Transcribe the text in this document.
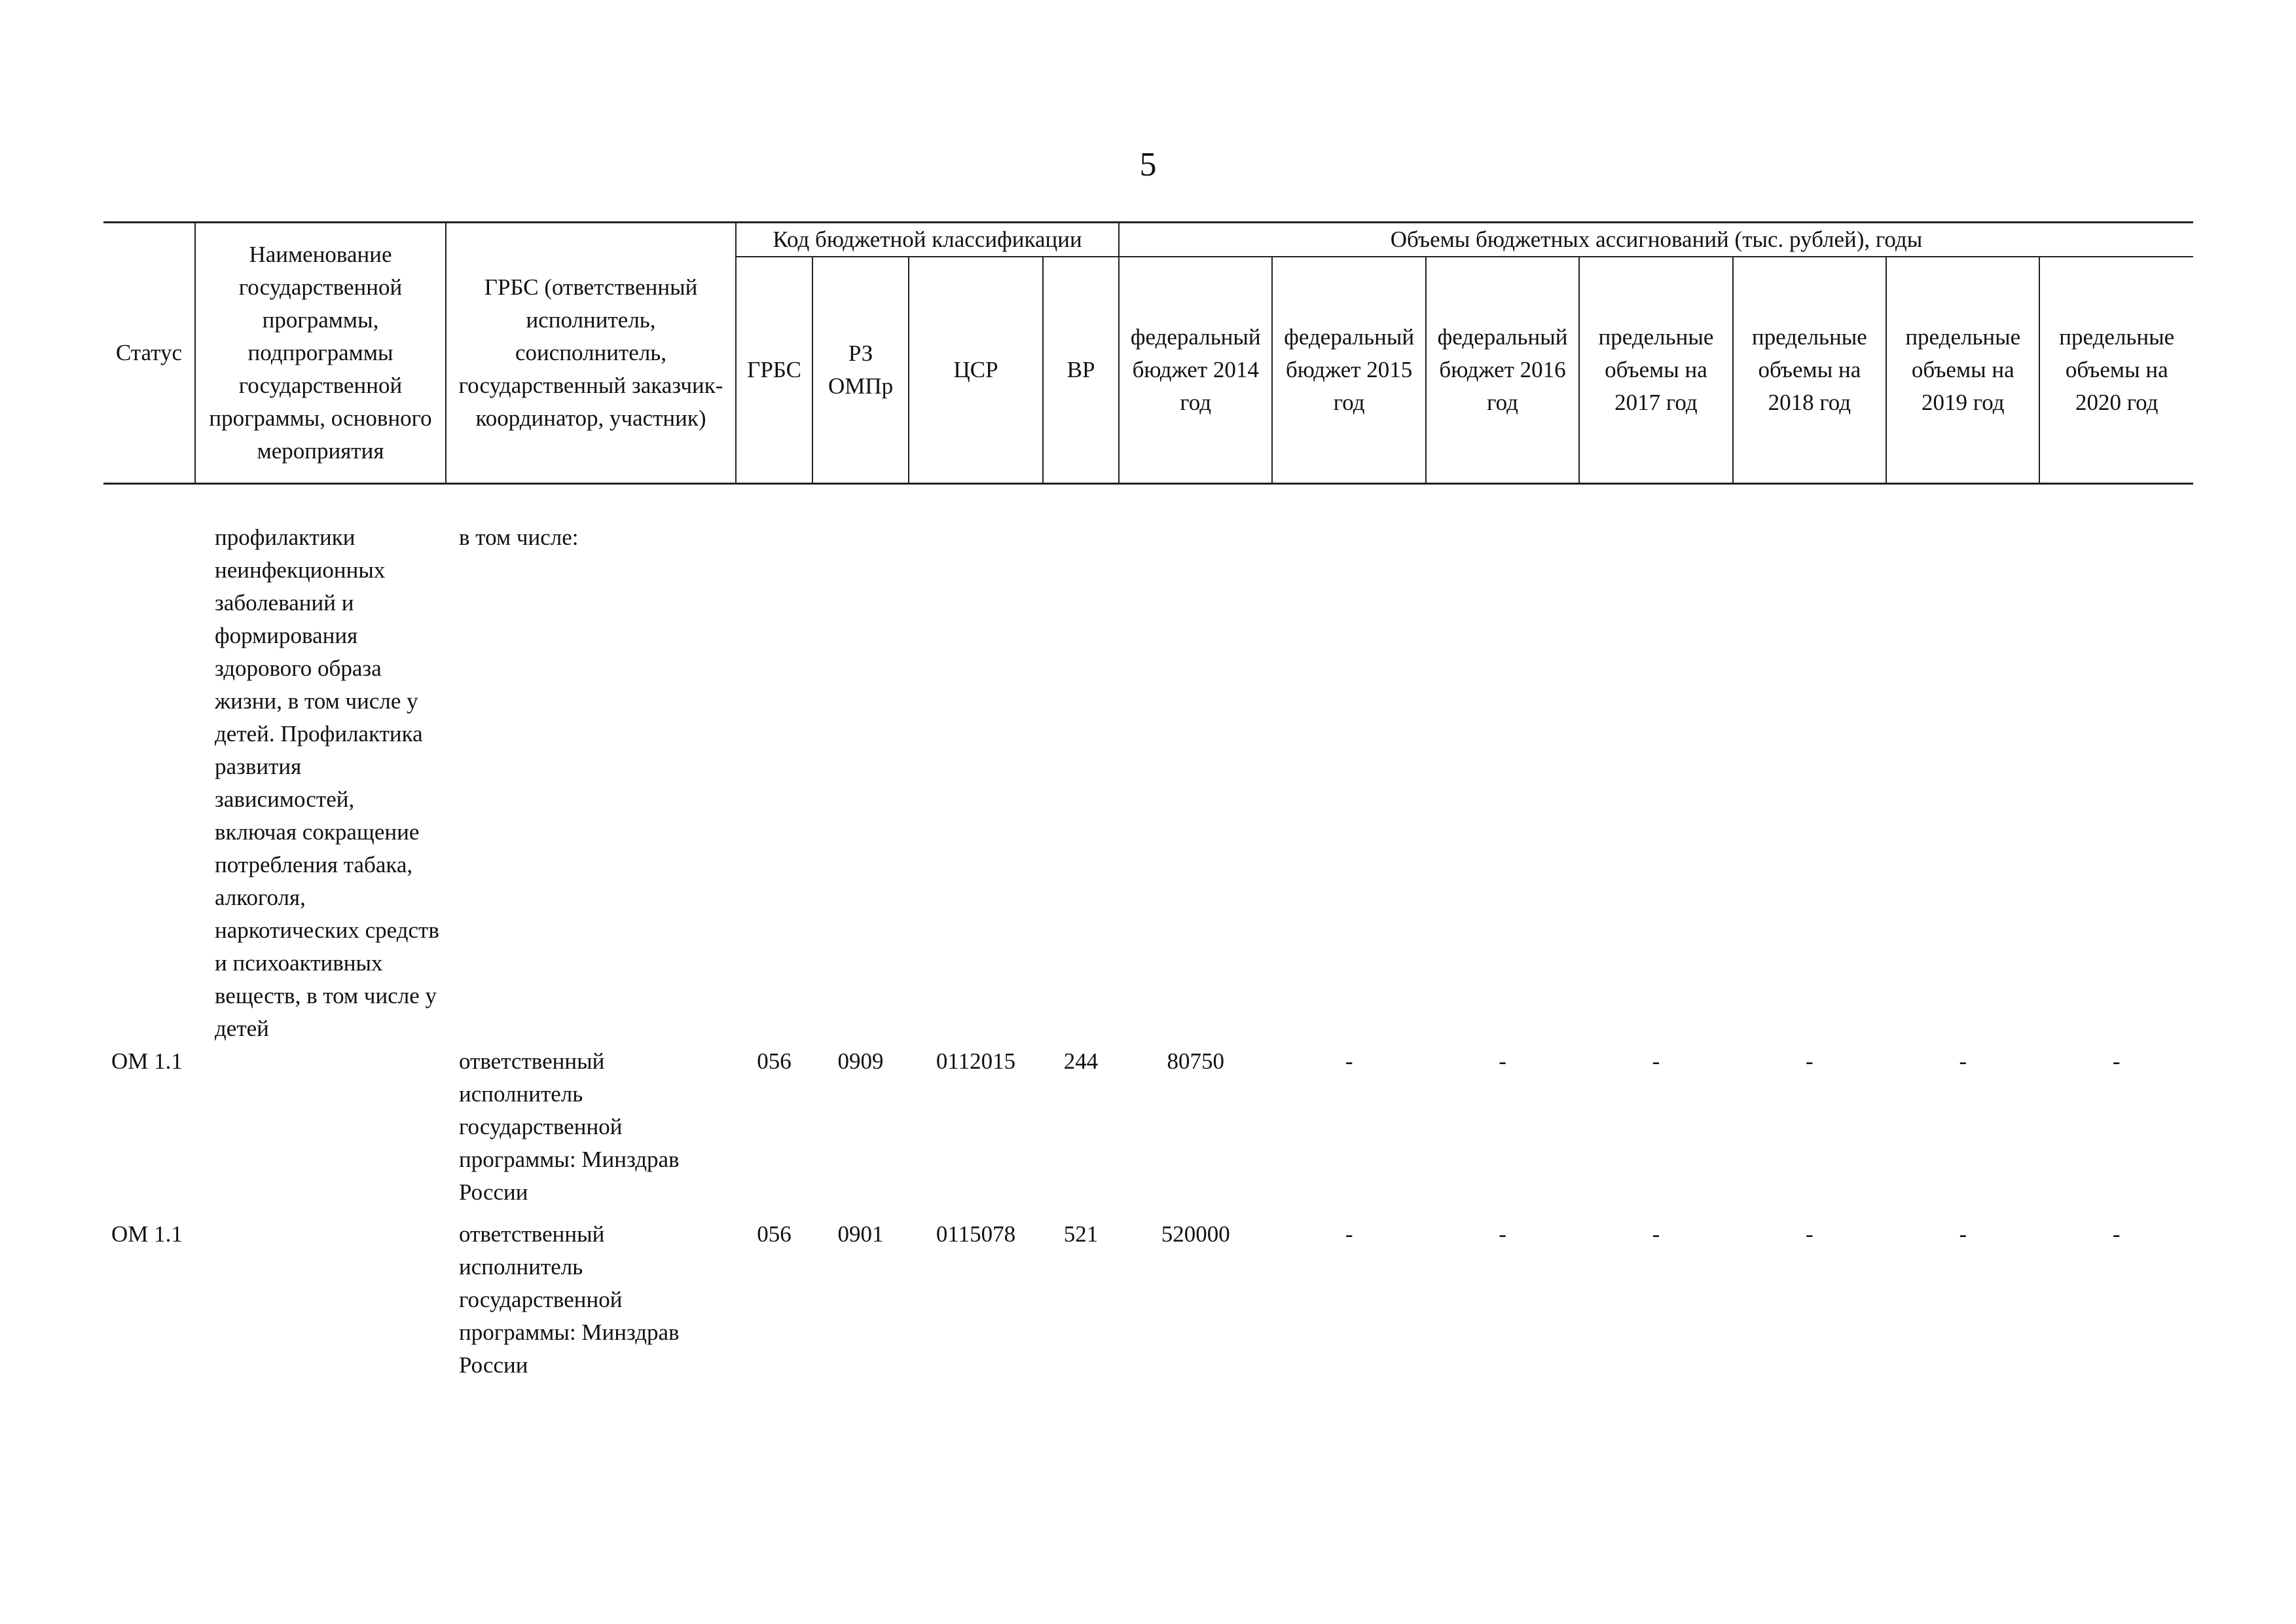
5
Статус	Наименование государственной программы, подпрограммы государственной программы, основного мероприятия	ГРБС (ответственный исполнитель, соисполнитель, государственный заказчик-координатор, участник)	Код бюджетной классификации				Объемы бюджетных ассигнований (тыс. рублей), годы						
			ГРБС	РЗ ОМПр	ЦСР	ВР	федеральный бюджет 2014 год	федеральный бюджет 2015 год	федеральный бюджет 2016 год	предельные объемы на 2017 год	предельные объемы на 2018 год	предельные объемы на 2019 год	предельные объемы на 2020 год

	профилактики неинфекционных заболеваний и формирования здорового образа жизни, в том числе у детей. Профилактика развития зависимостей, включая сокращение потребления табака, алкоголя, наркотических средств и психоактивных веществ, в том числе у детей	в том числе:											
ОМ 1.1		ответственный исполнитель государственной программы: Минздрав России	056	0909	0112015	244	80750	-	-	-	-	-	-
ОМ 1.1		ответственный исполнитель государственной программы: Минздрав России	056	0901	0115078	521	520000	-	-	-	-	-	-
